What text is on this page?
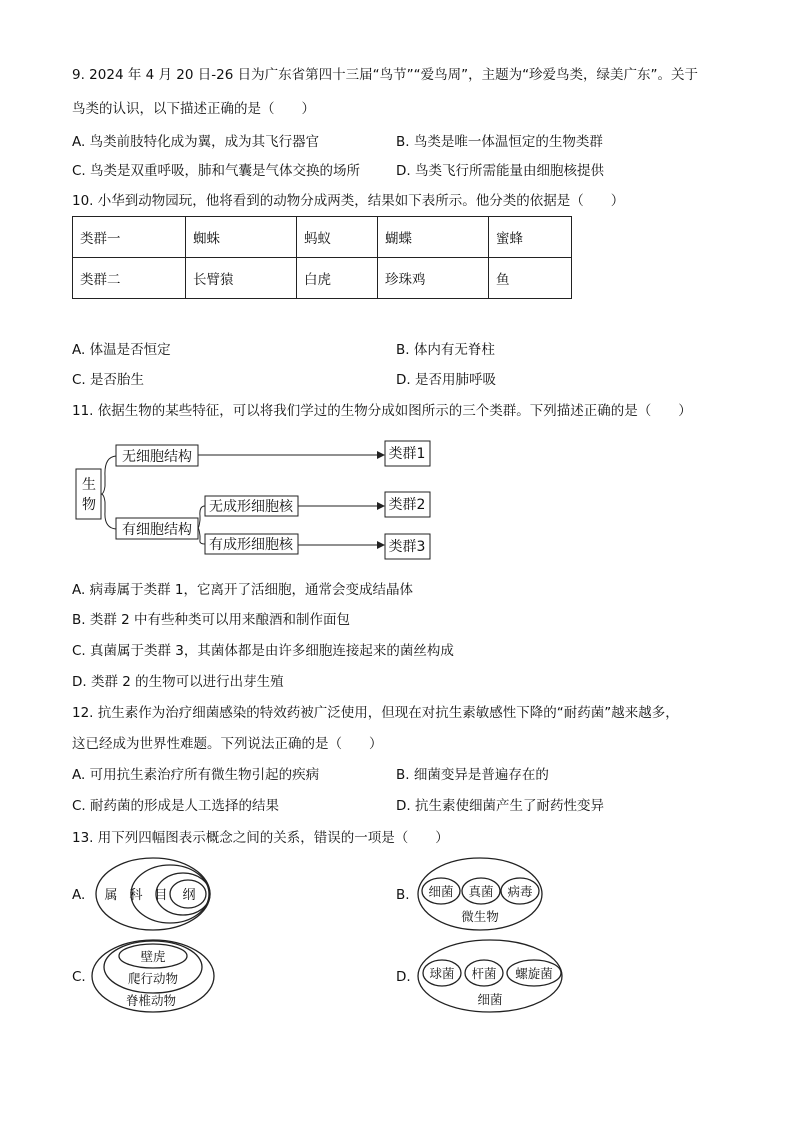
9. 2024 年 4 月 20 日-26 日为广东省第四十三届“鸟节”“爱鸟周”，主题为“珍爱鸟类，绿美广东”。关于
鸟类的认识，以下描述正确的是（　　）
A. 鸟类前肢特化成为翼，成为其飞行器官	B. 鸟类是唯一体温恒定的生物类群
C. 鸟类是双重呼吸，肺和气囊是气体交换的场所	D. 鸟类飞行所需能量由细胞核提供
10. 小华到动物园玩，他将看到的动物分成两类，结果如下表所示。他分类的依据是（　　）
类群一	蜘蛛	蚂蚁	蝴蝶	蜜蜂
类群二	长臂猿	白虎	珍珠鸡	鱼
A. 体温是否恒定	B. 体内有无脊柱
C. 是否胎生	D. 是否用肺呼吸
11. 依据生物的某些特征，可以将我们学过的生物分成如图所示的三个类群。下列描述正确的是（　　）
生
物
无细胞结构
有细胞结构
无成形细胞核
有成形细胞核
类群1
类群2
类群3
属 科 目 纲	细菌 真菌 病毒
微生物
壁虎
爬行动物
脊椎动物
球菌 杆菌 螺旋菌
细菌
A. 病毒属于类群 1，它离开了活细胞，通常会变成结晶体
B. 类群 2 中有些种类可以用来酿酒和制作面包
C. 真菌属于类群 3，其菌体都是由许多细胞连接起来的菌丝构成
D. 类群 2 的生物可以进行出芽生殖
12. 抗生素作为治疗细菌感染的特效药被广泛使用，但现在对抗生素敏感性下降的“耐药菌”越来越多，
这已经成为世界性难题。下列说法正确的是（　　）
A. 可用抗生素治疗所有微生物引起的疾病	B. 细菌变异是普遍存在的
C. 耐药菌的形成是人工选择的结果	D. 抗生素使细菌产生了耐药性变异
13. 用下列四幅图表示概念之间的关系，错误的一项是（　　）
A.	B.
C.	D.
